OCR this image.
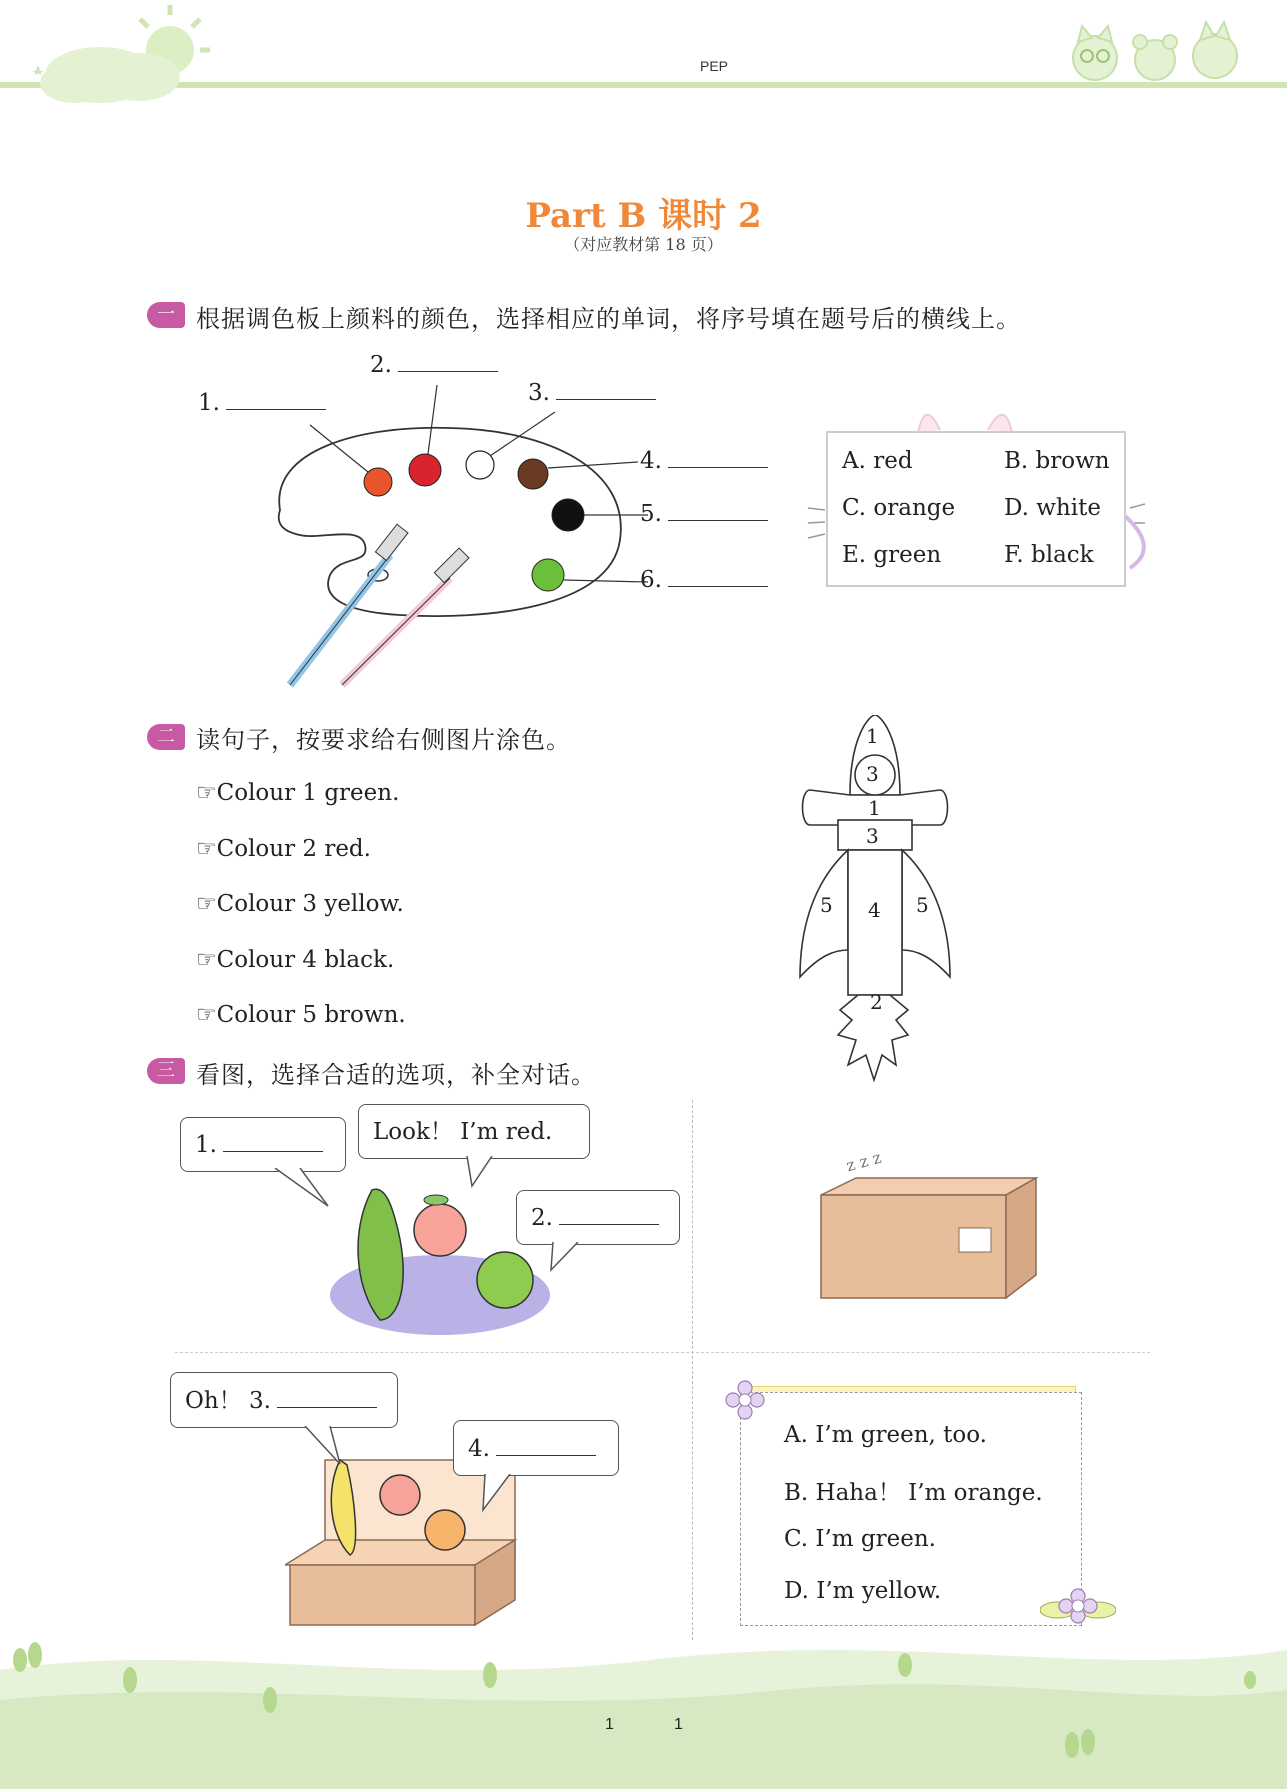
PEP
Part B 课时 2
（对应教材第 18 页）
一 根据调色板上颜料的颜色，选择相应的单词，将序号填在题号后的横线上。
1.
2.
3.
4.
5.
6.
A. red	B. brown
C. orange D. white
E. green	F. black
二 读句子，按要求给右侧图片涂色。
☞Colour 1 green.
☞Colour 2 red.
☞Colour 3 yellow.
☞Colour 4 black.
☞Colour 5 brown.
1
3
1
3
5 4 5
2
三 看图，选择合适的选项，补全对话。
1.	Look！ I’m red.
2.
z z z
Oh！ 3.
4.
A. I’m green, too.
B. Haha！ I’m orange.
C. I’m green.
D. I’m yellow.
1	1
